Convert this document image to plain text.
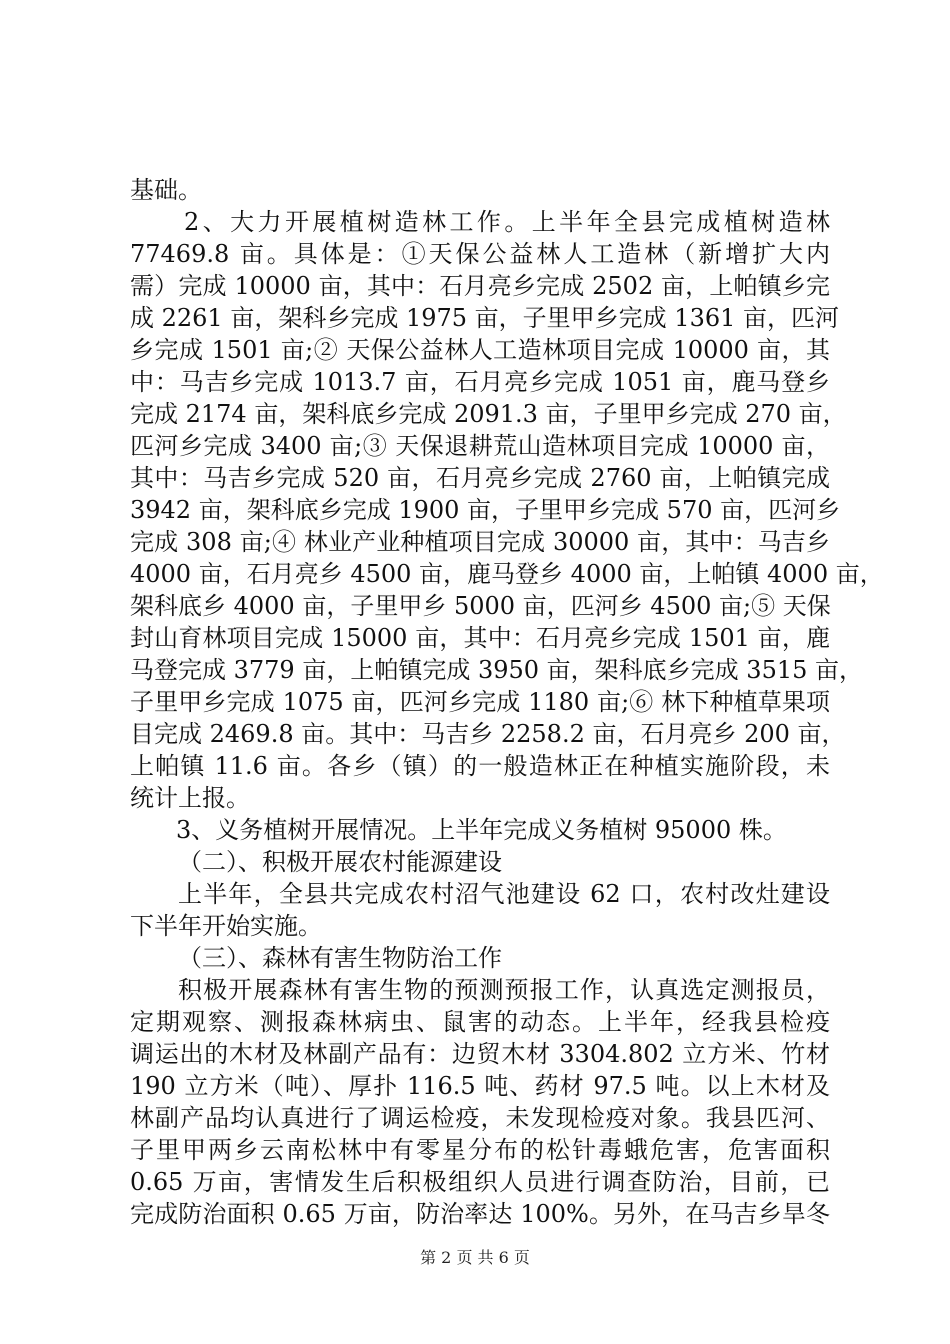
基础。
2、大力开展植树造林工作。上半年全县完成植树造林
77469.8 亩。具体是：①天保公益林人工造林（新增扩大内
需）完成 10000 亩，其中：石月亮乡完成 2502 亩，上帕镇乡完
成 2261 亩，架科乡完成 1975 亩，子里甲乡完成 1361 亩，匹河
乡完成 1501 亩;② 天保公益林人工造林项目完成 10000 亩，其
中：马吉乡完成 1013.7 亩，石月亮乡完成 1051 亩，鹿马登乡
完成 2174 亩，架科底乡完成 2091.3 亩，子里甲乡完成 270 亩，
匹河乡完成 3400 亩;③ 天保退耕荒山造林项目完成 10000 亩，
其中：马吉乡完成 520 亩，石月亮乡完成 2760 亩，上帕镇完成
3942 亩，架科底乡完成 1900 亩，子里甲乡完成 570 亩，匹河乡
完成 308 亩;④ 林业产业种植项目完成 30000 亩，其中：马吉乡
4000 亩，石月亮乡 4500 亩，鹿马登乡 4000 亩，上帕镇 4000 亩，
架科底乡 4000 亩，子里甲乡 5000 亩，匹河乡 4500 亩;⑤ 天保
封山育林项目完成 15000 亩，其中：石月亮乡完成 1501 亩，鹿
马登完成 3779 亩，上帕镇完成 3950 亩，架科底乡完成 3515 亩，
子里甲乡完成 1075 亩，匹河乡完成 1180 亩;⑥ 林下种植草果项
目完成 2469.8 亩。其中：马吉乡 2258.2 亩，石月亮乡 200 亩，
上帕镇 11.6 亩。各乡（镇）的一般造林正在种植实施阶段，未
统计上报。
3、义务植树开展情况。上半年完成义务植树 95000 株。
（二）、积极开展农村能源建设
上半年，全县共完成农村沼气池建设 62 口，农村改灶建设
下半年开始实施。
（三）、森林有害生物防治工作
积极开展森林有害生物的预测预报工作，认真选定测报员，
定期观察、测报森林病虫、鼠害的动态。上半年，经我县检疫
调运出的木材及林副产品有：边贸木材 3304.802 立方米、竹材
190 立方米（吨）、厚扑 116.5 吨、药材 97.5 吨。以上木材及
林副产品均认真进行了调运检疫，未发现检疫对象。我县匹河、
子里甲两乡云南松林中有零星分布的松针毒蛾危害，危害面积
0.65 万亩，害情发生后积极组织人员进行调查防治，目前，已
完成防治面积 0.65 万亩，防治率达 100%。另外，在马吉乡旱冬
第 2 页 共 6 页
